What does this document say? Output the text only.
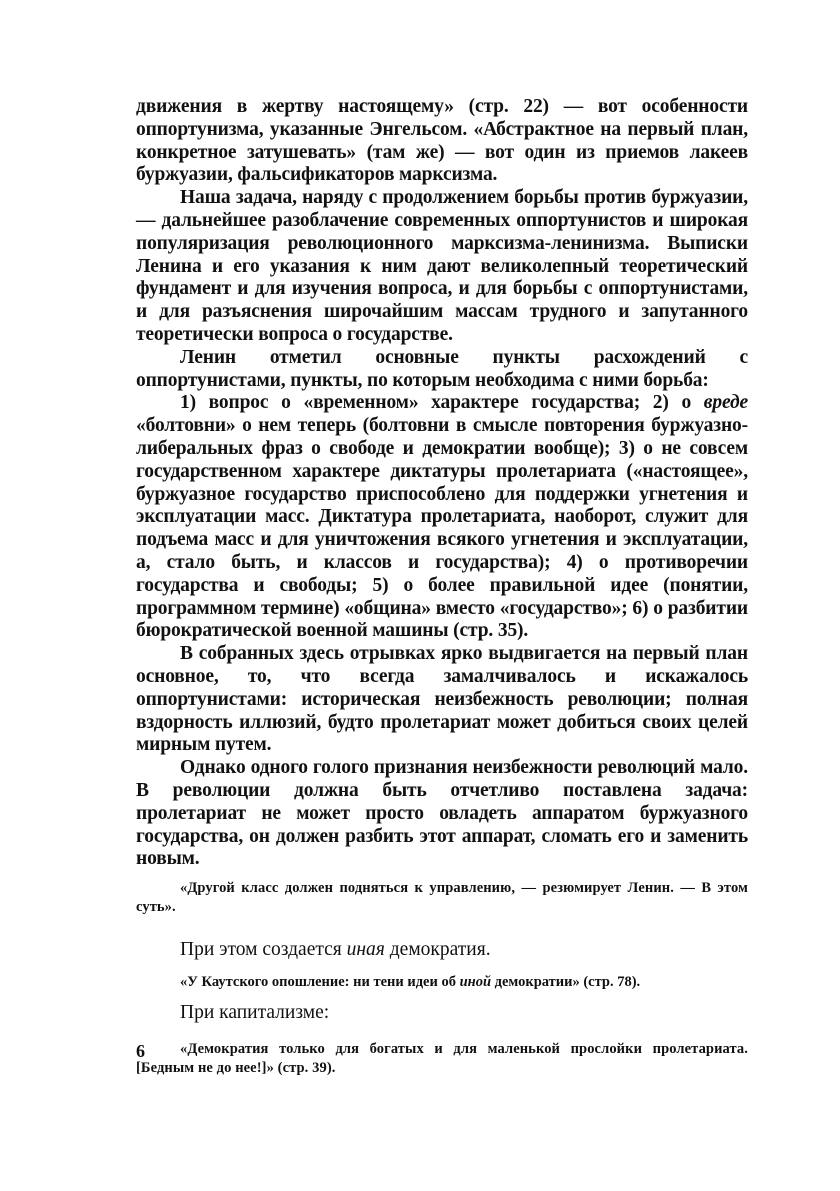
движения в жертву настоящему» (стр. 22) — вот особенности оппортунизма, указанные Энгельсом. «Абстрактное на первый план, конкретное затушевать» (там же) — вот один из приемов лакеев буржуазии, фальсификаторов марксизма.

Наша задача, наряду с продолжением борьбы против буржуазии, — дальнейшее разоблачение современных оппортунистов и широкая популяризация революционного марксизма-ленинизма. Выписки Ленина и его указания к ним дают великолепный теоретический фундамент и для изучения вопроса, и для борьбы с оппортунистами, и для разъяснения широчайшим массам трудного и запутанного теоретически вопроса о государстве.

Ленин отметил основные пункты расхождений с оппортунистами, пункты, по которым необходима с ними борьба:

1) вопрос о «временном» характере государства; 2) о вреде «болтовни» о нем теперь (болтовни в смысле повторения буржуазно-либеральных фраз о свободе и демократии вообще); 3) о не совсем государственном характере диктатуры пролетариата («настоящее», буржуазное государство приспособлено для поддержки угнетения и эксплуатации масс. Диктатура пролетариата, наоборот, служит для подъема масс и для уничтожения всякого угнетения и эксплуатации, а, стало быть, и классов и государства); 4) о противоречии государства и свободы; 5) о более правильной идее (понятии, программном термине) «община» вместо «государство»; 6) о разбитии бюрократической военной машины (стр. 35).

В собранных здесь отрывках ярко выдвигается на первый план основное, то, что всегда замалчивалось и искажалось оппортунистами: историческая неизбежность революции; полная вздорность иллюзий, будто пролетариат может добиться своих целей мирным путем.

Однако одного голого признания неизбежности революций мало. В революции должна быть отчетливо поставлена задача: пролетариат не может просто овладеть аппаратом буржуазного государства, он должен разбить этот аппарат, сломать его и заменить новым.

«Другой класс должен подняться к управлению, — резюмирует Ленин. — В этом суть».

При этом создается иная демократия.

«У Каутского опошление: ни тени идеи об иной демократии» (стр. 78).

При капитализме:

«Демократия только для богатых и для маленькой прослойки пролетариата. [Бедным не до нее!]» (стр. 39).

6
